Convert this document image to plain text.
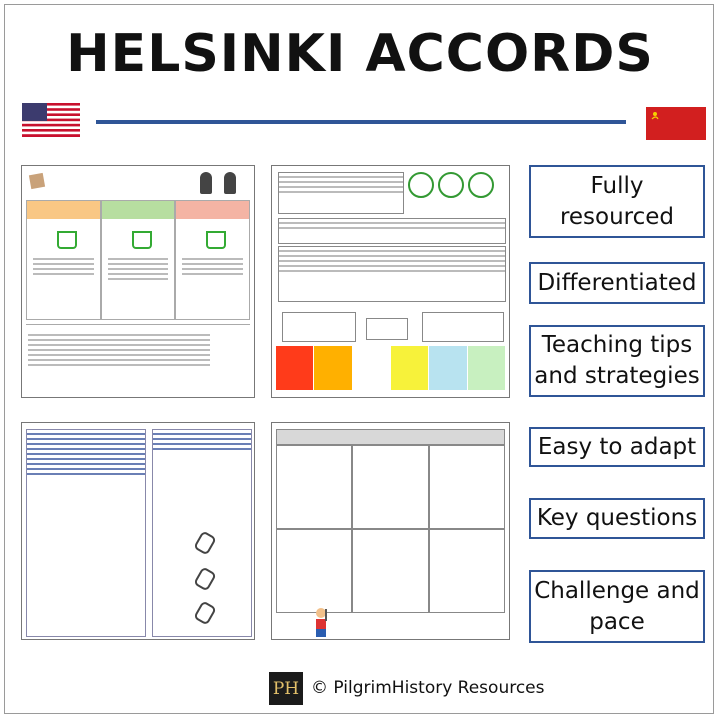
HELSINKI ACCORDS
Fully
resourced
Differentiated
Teaching tips
and strategies
Easy to adapt
Key questions
Challenge and
pace
PH © PilgrimHistory Resources
